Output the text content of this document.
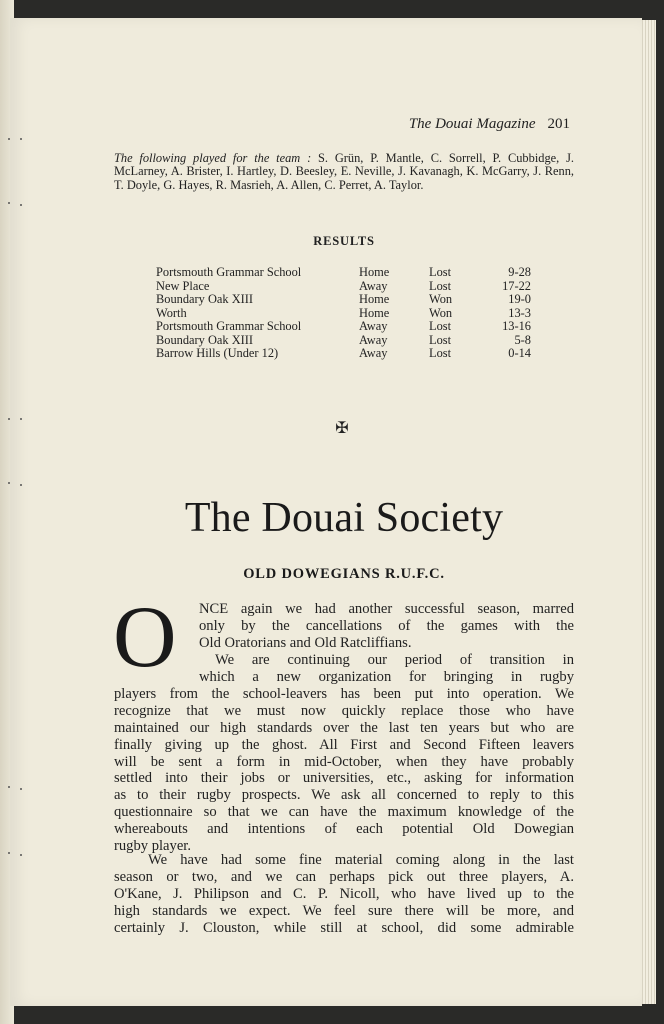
The Douai Magazine 201
The following played for the team : S. Grün, P. Mantle, C. Sorrell, P. Cubbidge, J. McLarney, A. Brister, I. Hartley, D. Beesley, E. Neville, J. Kavanagh, K. McGarry, J. Renn, T. Doyle, G. Hayes, R. Masrieh, A. Allen, C. Perret, A. Taylor.
RESULTS
Portsmouth Grammar School	Home	Lost	9-28
New Place	Away	Lost	17-22
Boundary Oak XIII	Home	Won	19-0
Worth	Home	Won	13-3
Portsmouth Grammar School	Away	Lost	13-16
Boundary Oak XIII	Away	Lost	5-8
Barrow Hills (Under 12)	Away	Lost	0-14
✠
The Douai Society
OLD DOWEGIANS R.U.F.C.
O NCE again we had another successful season, marred
only by the cancellations of the games with the
Old Oratorians and Old Ratcliffians.
We are continuing our period of transition in
which a new organization for bringing in rugby
players from the school-leavers has been put into operation. We
recognize that we must now quickly replace those who have
maintained our high standards over the last ten years but who are
finally giving up the ghost. All First and Second Fifteen leavers
will be sent a form in mid-October, when they have probably
settled into their jobs or universities, etc., asking for information
as to their rugby prospects. We ask all concerned to reply to this
questionnaire so that we can have the maximum knowledge of the
whereabouts and intentions of each potential Old Dowegian
rugby player.
We have had some fine material coming along in the last
season or two, and we can perhaps pick out three players, A.
O'Kane, J. Philipson and C. P. Nicoll, who have lived up to the
high standards we expect. We feel sure there will be more, and
certainly J. Clouston, while still at school, did some admirable
